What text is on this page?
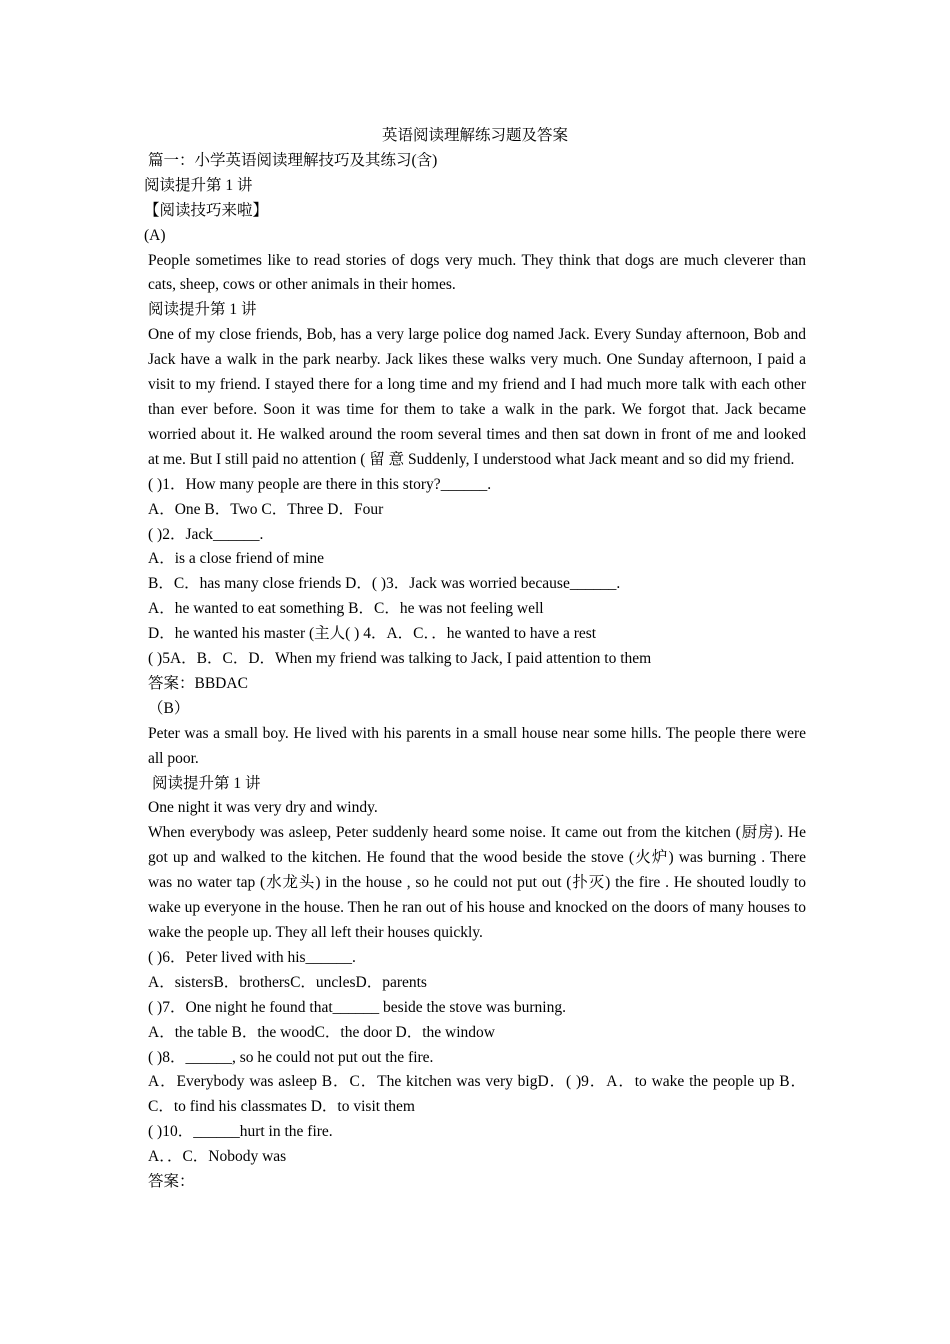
英语阅读理解练习题及答案

篇一：小学英语阅读理解技巧及其练习(含)

阅读提升第 1 讲

【阅读技巧来啦】

(A)

People sometimes like to read stories of dogs very much. They think that dogs are much cleverer than cats, sheep, cows or other animals in their homes.

阅读提升第 1 讲

One of my close friends, Bob, has a very large police dog named Jack. Every Sunday afternoon, Bob and Jack have a walk in the park nearby. Jack likes these walks very much. One Sunday afternoon, I paid a visit to my friend. I stayed there for a long time and my friend and I had much more talk with each other than ever before. Soon it was time for them to take a walk in the park. We forgot that. Jack became worried about it. He walked around the room several times and then sat down in front of me and looked at me. But I still paid no attention ( 留 意 Suddenly, I understood what Jack meant and so did my friend.

( )1．How many people are there in this story?______.

A．One B．Two C．Three D．Four

( )2．Jack______.

A．is a close friend of mine

B．C．has many close friends D．( )3．Jack was worried because______.

A．he wanted to eat something B．C．he was not feeling well

D．he wanted his master (主人( ) 4．A．C．．he wanted to have a rest

( )5A．B．C．D．When my friend was talking to Jack, I paid attention to them

答案：BBDAC

（B）

Peter was a small boy. He lived with his parents in a small house near some hills. The people there were all poor.

阅读提升第 1 讲

One night it was very dry and windy.

When everybody was asleep, Peter suddenly heard some noise. It came out from the kitchen (厨房). He got up and walked to the kitchen. He found that the wood beside the stove (火炉) was burning . There was no water tap (水龙头) in the house , so he could not put out (扑灭) the fire . He shouted loudly to wake up everyone in the house. Then he ran out of his house and knocked on the doors of many houses to wake the people up. They all left their houses quickly.

( )6．Peter lived with his______.

A．sistersB．brothersC．unclesD．parents

( )7．One night he found that______ beside the stove was burning.

A．the table B．the woodC．the door D．the window

( )8．______, so he could not put out the fire.

A．Everybody was asleep B．C．The kitchen was very bigD．( )9．A．to wake the people up B．C．to find his classmates D．to visit them

( )10．______hurt in the fire.

A．．C．Nobody was

答案：
